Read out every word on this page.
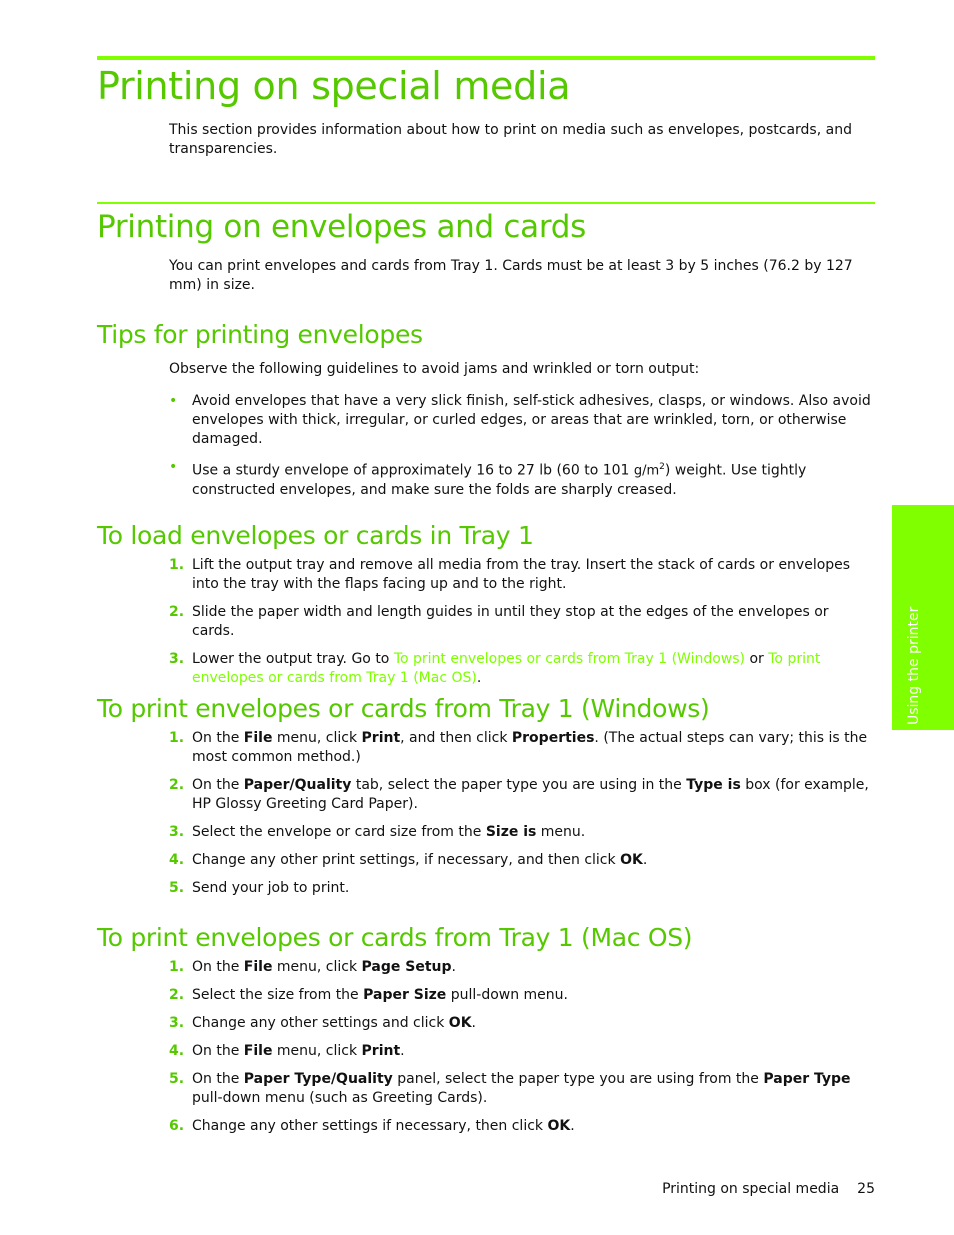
Printing on special media
This section provides information about how to print on media such as envelopes, postcards, and transparencies.
Printing on envelopes and cards
You can print envelopes and cards from Tray 1. Cards must be at least 3 by 5 inches (76.2 by 127 mm) in size.
Tips for printing envelopes
Observe the following guidelines to avoid jams and wrinkled or torn output:
• Avoid envelopes that have a very slick finish, self-stick adhesives, clasps, or windows. Also avoid envelopes with thick, irregular, or curled edges, or areas that are wrinkled, torn, or otherwise damaged.
• Use a sturdy envelope of approximately 16 to 27 lb (60 to 101 $g/m^2$) weight. Use tightly constructed envelopes, and make sure the folds are sharply creased.
To load envelopes or cards in Tray 1
1. Lift the output tray and remove all media from the tray. Insert the stack of cards or envelopes into the tray with the flaps facing up and to the right.
2. Slide the paper width and length guides in until they stop at the edges of the envelopes or cards.
3. Lower the output tray. Go to To print envelopes or cards from Tray 1 (Windows) or To print envelopes or cards from Tray 1 (Mac OS).
To print envelopes or cards from Tray 1 (Windows)
1. On the File menu, click Print, and then click Properties. (The actual steps can vary; this is the most common method.)
2. On the Paper/Quality tab, select the paper type you are using in the Type is box (for example, HP Glossy Greeting Card Paper).
3. Select the envelope or card size from the Size is menu.
4. Change any other print settings, if necessary, and then click OK.
5. Send your job to print.
To print envelopes or cards from Tray 1 (Mac OS)
1. On the File menu, click Page Setup.
2. Select the size from the Paper Size pull-down menu.
3. Change any other settings and click OK.
4. On the File menu, click Print.
5. On the Paper Type/Quality panel, select the paper type you are using from the Paper Type pull-down menu (such as Greeting Cards).
6. Change any other settings if necessary, then click OK.
Using the printer
Printing on special media 25
